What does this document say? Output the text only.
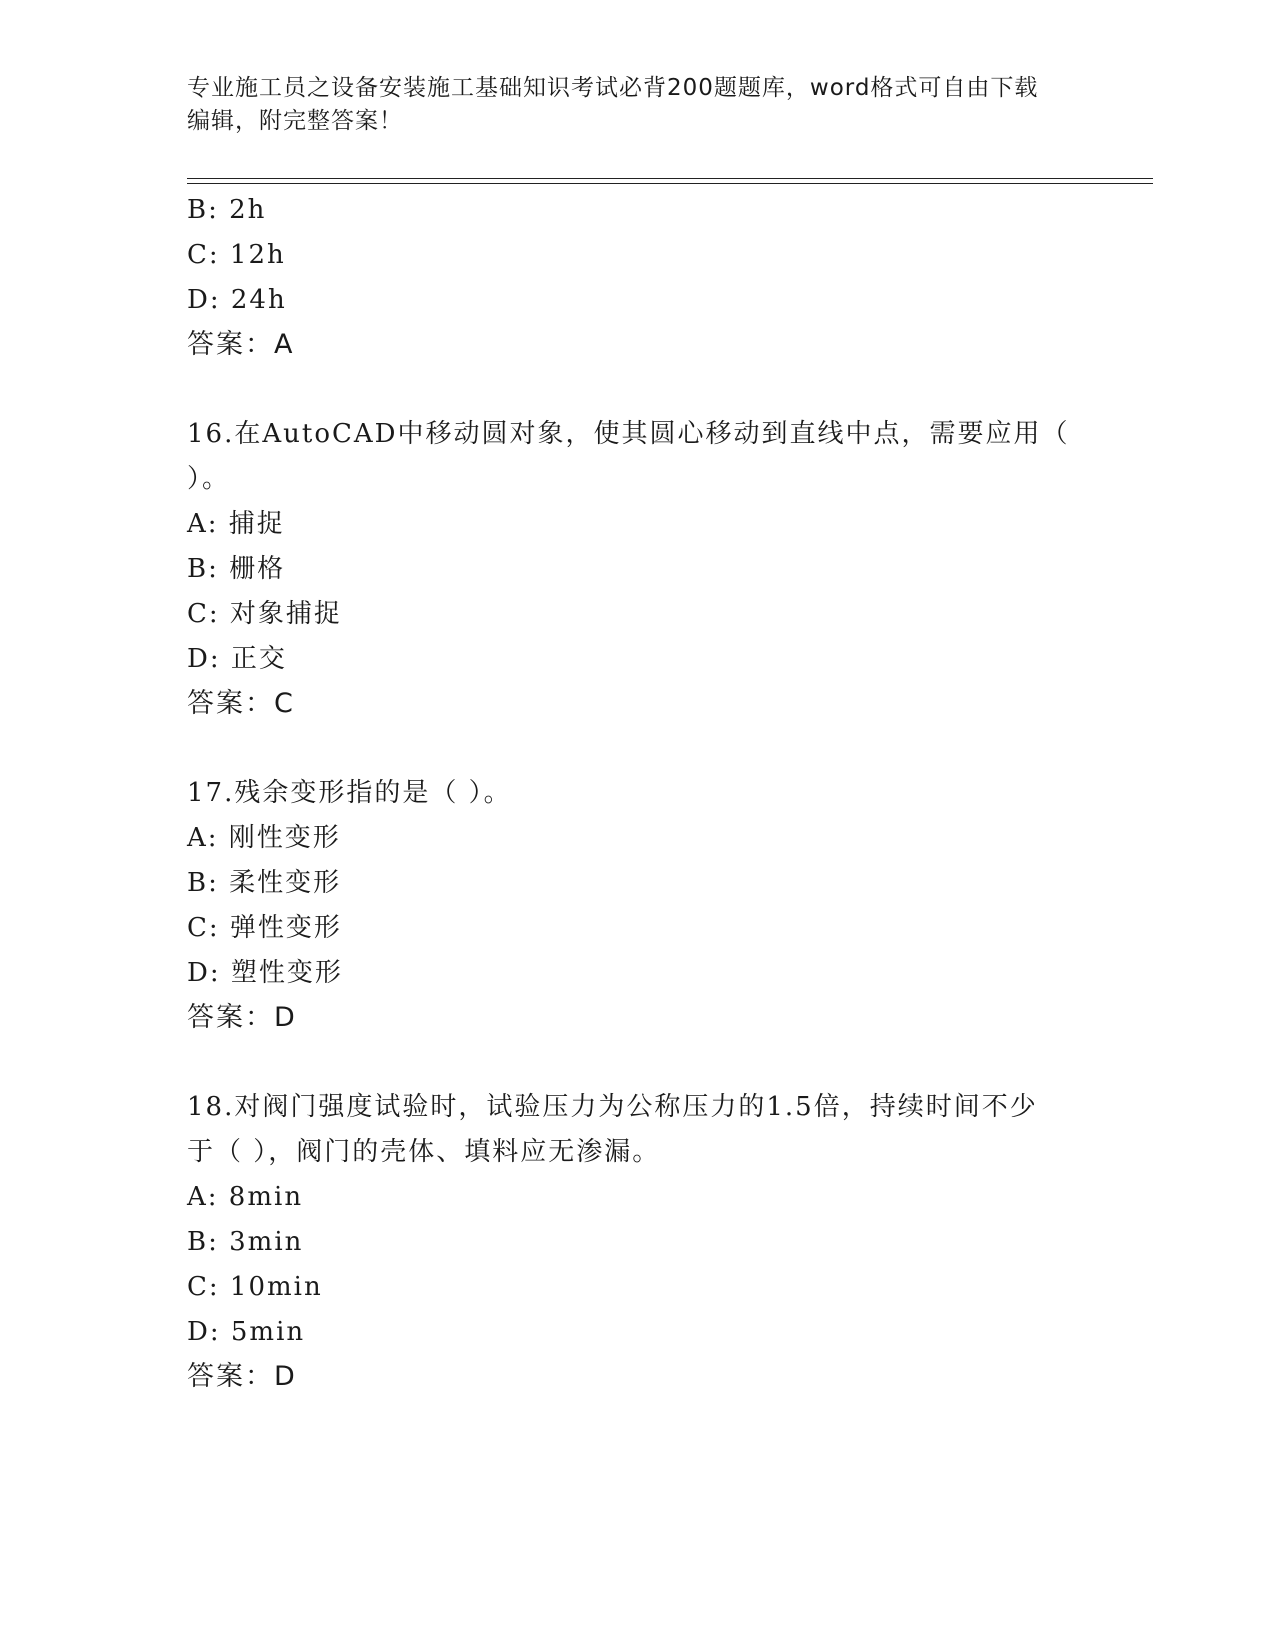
专业施工员之设备安装施工基础知识考试必背200题题库，word格式可自由下载
编辑，附完整答案！
B: 2h
C: 12h
D: 24h
答案：A
16.在AutoCAD中移动圆对象，使其圆心移动到直线中点，需要应用（
）。
A: 捕捉
B: 栅格
C: 对象捕捉
D: 正交
答案：C
17.残余变形指的是（ ）。
A: 刚性变形
B: 柔性变形
C: 弹性变形
D: 塑性变形
答案：D
18.对阀门强度试验时，试验压力为公称压力的1.5倍，持续时间不少
于（ ），阀门的壳体、填料应无渗漏。
A: 8min
B: 3min
C: 10min
D: 5min
答案：D
